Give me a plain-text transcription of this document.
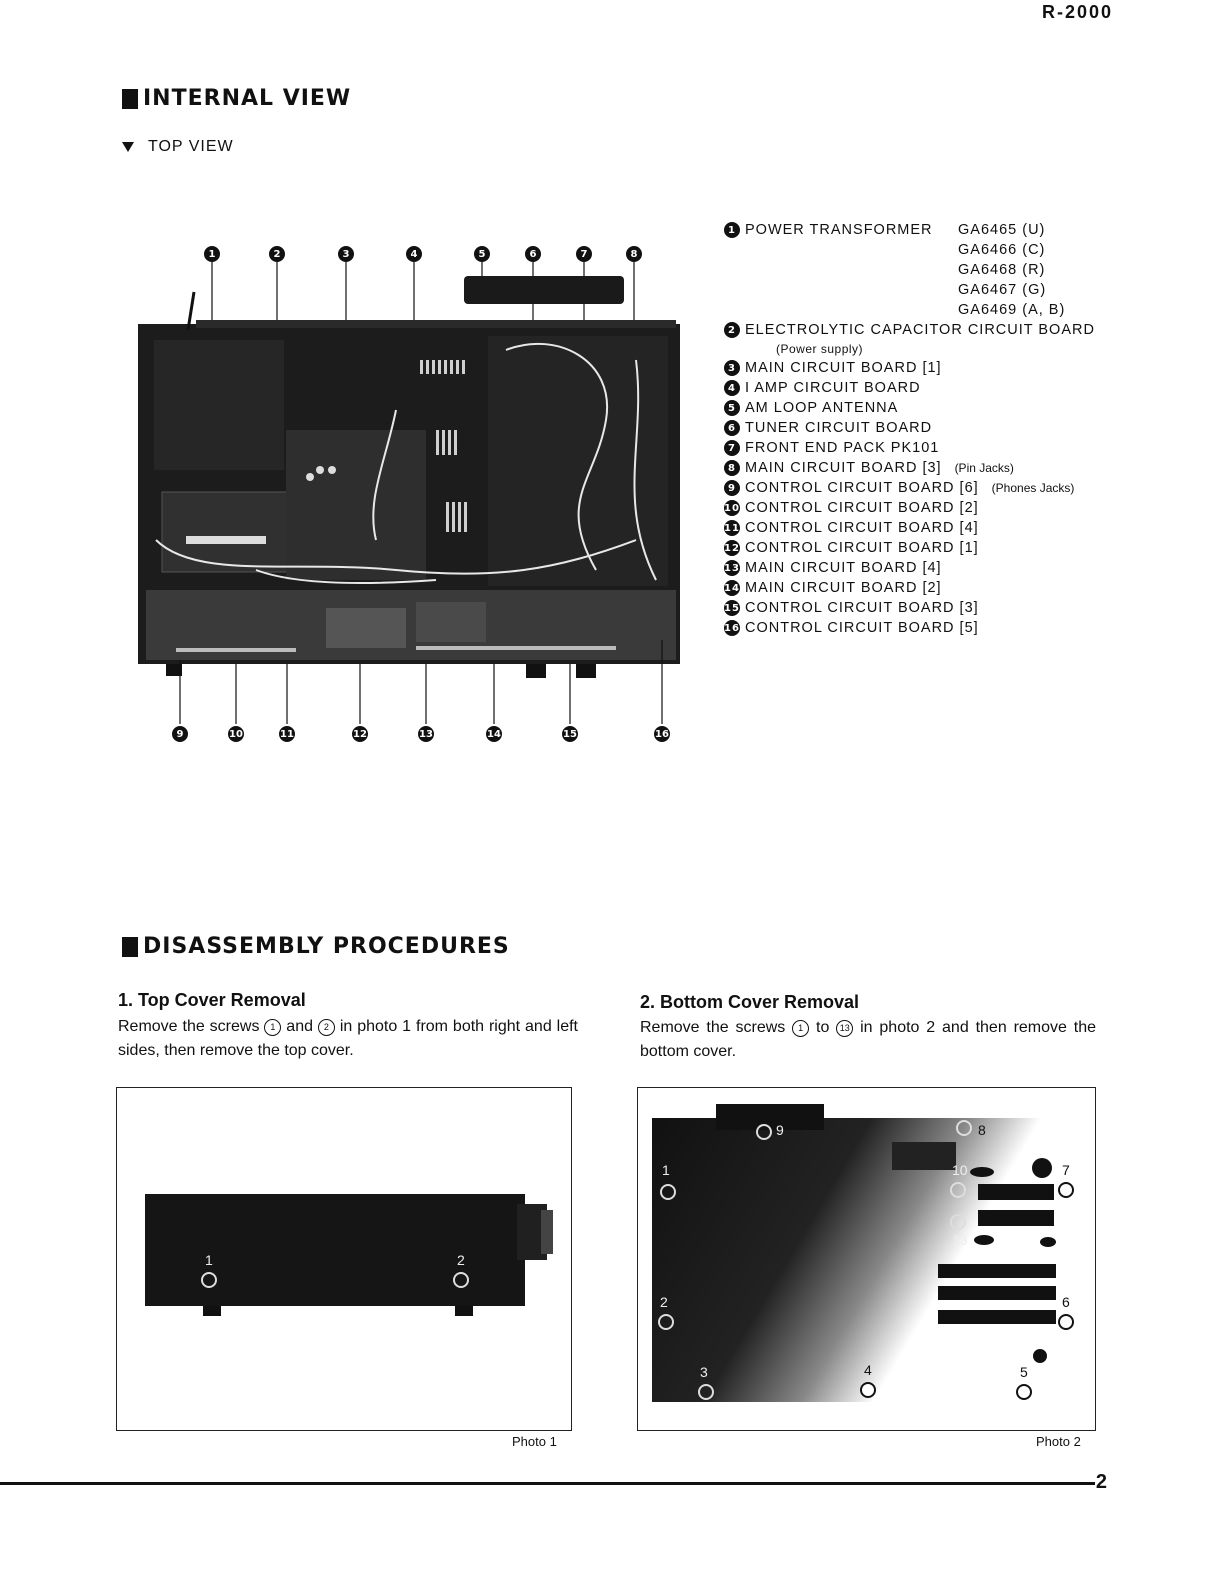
R-2000
INTERNAL VIEW
TOP VIEW
1	2	3	4	5	6	7	8
9	10	11	12	13	14	15	16
1 POWER TRANSFORMER GA6465 (U)
GA6466 (C)
GA6468 (R)
GA6467 (G)
GA6469 (A, B)
2 ELECTROLYTIC CAPACITOR CIRCUIT BOARD
(Power supply)
3 MAIN CIRCUIT BOARD [1]
4 I AMP CIRCUIT BOARD
5 AM LOOP ANTENNA
6 TUNER CIRCUIT BOARD
7 FRONT END PACK PK101
8 MAIN CIRCUIT BOARD [3] (Pin Jacks)
9 CONTROL CIRCUIT BOARD [6] (Phones Jacks)
10 CONTROL CIRCUIT BOARD [2]
11 CONTROL CIRCUIT BOARD [4]
12 CONTROL CIRCUIT BOARD [1]
13 MAIN CIRCUIT BOARD [4]
14 MAIN CIRCUIT BOARD [2]
15 CONTROL CIRCUIT BOARD [3]
16 CONTROL CIRCUIT BOARD [5]
DISASSEMBLY PROCEDURES
1. Top Cover Removal
Remove the screws 1 and 2 in photo 1 from both right and left sides, then remove the top cover.
1	2
Photo 1
2. Bottom Cover Removal
Remove the screws 1 to 13 in photo 2 and then remove the bottom cover.
1
2
3	4	5
6
7
8
9
10
13
Photo 2
2
